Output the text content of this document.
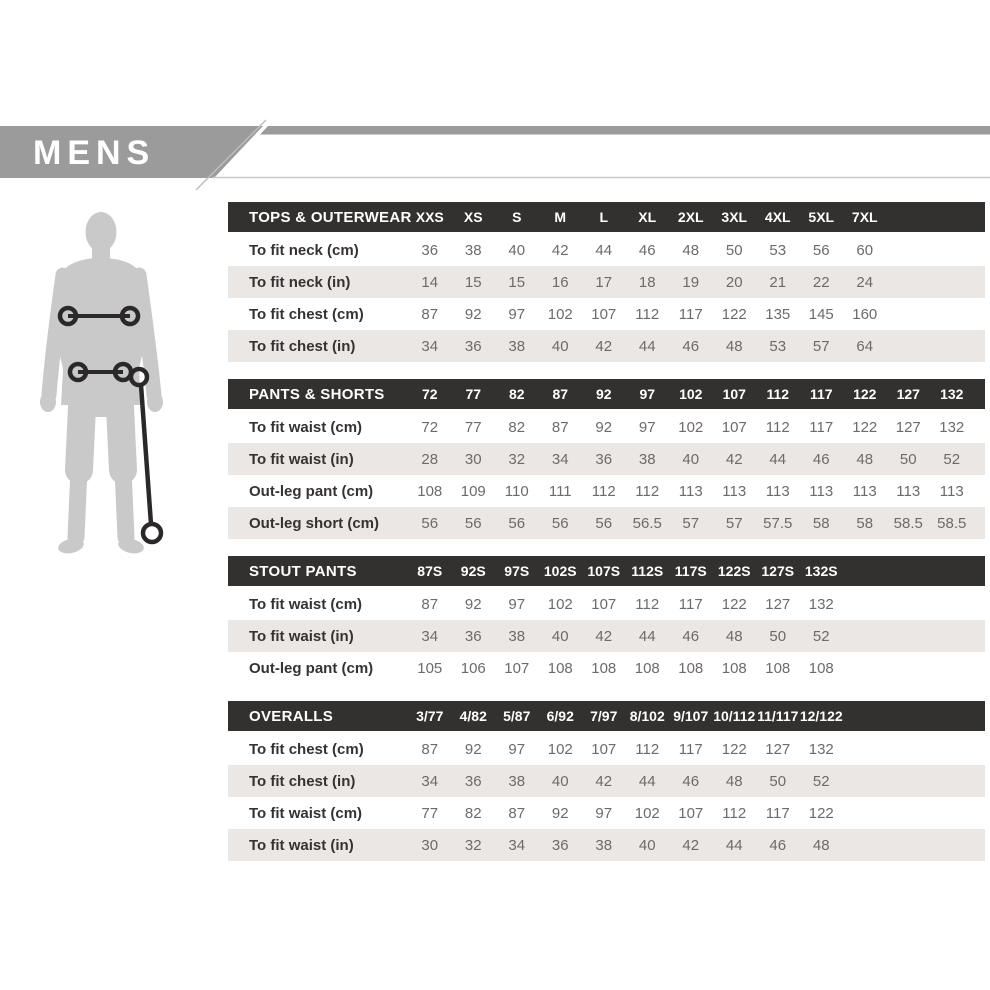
MENS
TOPS & OUTERWEAR XXS	XS	S	M	L	XL	2XL	3XL	4XL	5XL	7XL
To fit neck (cm)	36	38	40	42	44	46	48	50	53	56	60
To fit neck (in)	14	15	15	16	17	18	19	20	21	22	24
To fit chest (cm)	87	92	97	102	107	112	117	122	135	145	160
To fit chest (in)	34	36	38	40	42	44	46	48	53	57	64
PANTS & SHORTS	72	77	82	87	92	97	102	107	112	117	122	127	132
To fit waist (cm)	72	77	82	87	92	97	102	107	112	117	122	127	132
To fit waist (in)	28	30	32	34	36	38	40	42	44	46	48	50	52
Out-leg pant (cm)	108	109	110	111	112	112	113	113	113	113	113	113	113
Out-leg short (cm)	56	56	56	56	56	56.5	57	57	57.5	58	58	58.5 58.5
STOUT PANTS	87S	92S	97S	102S 107S 112S 117S 122S 127S 132S
To fit waist (cm)	87	92	97	102	107	112	117	122	127	132
To fit waist (in)	34	36	38	40	42	44	46	48	50	52
Out-leg pant (cm)	105	106	107	108	108	108	108	108	108	108
OVERALLS	3/77	4/82	5/87	6/92	7/97 8/102 9/107 10/112 11/117 12/122
To fit chest (cm)	87	92	97	102	107	112	117	122	127	132
To fit chest (in)	34	36	38	40	42	44	46	48	50	52
To fit waist (cm)	77	82	87	92	97	102	107	112	117	122
To fit waist (in)	30	32	34	36	38	40	42	44	46	48
